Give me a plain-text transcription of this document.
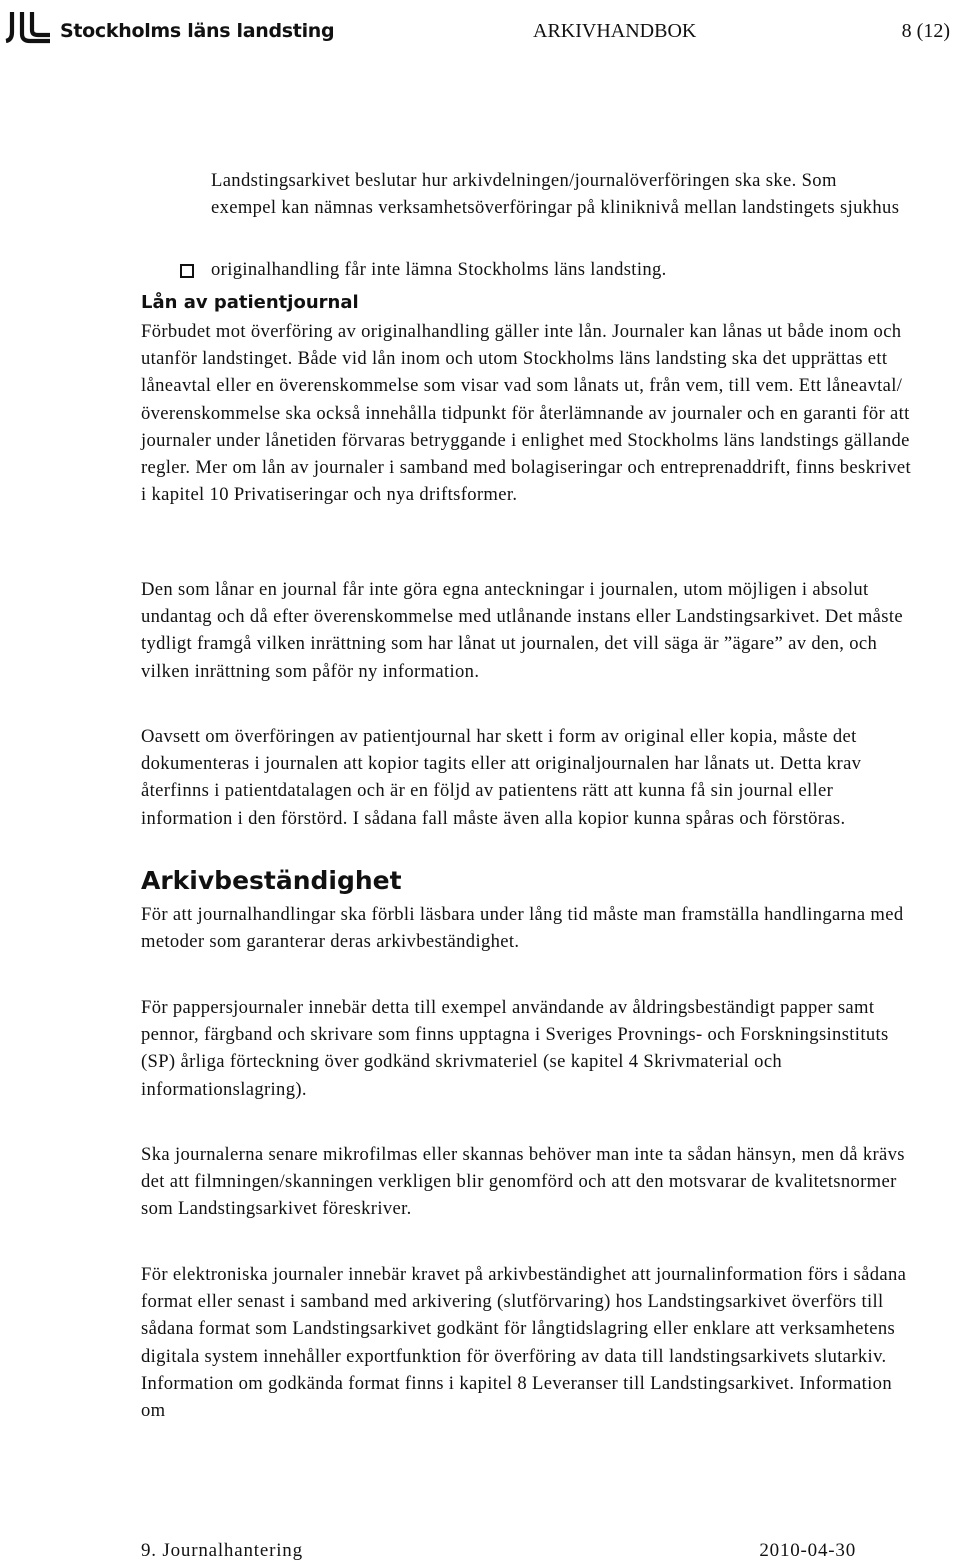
Stockholms läns landsting	ARKIVHANDBOK	8 (12)

Landstingsarkivet beslutar hur arkivdelningen/journalöverföringen ska ske. Som exempel kan nämnas verksamhetsöverföringar på kliniknivå mellan landstingets sjukhus

originalhandling får inte lämna Stockholms läns landsting.
Lån av patientjournal

Förbudet mot överföring av originalhandling gäller inte lån. Journaler kan lånas ut både inom och utanför landstinget. Både vid lån inom och utom Stockholms läns landsting ska det upprättas ett låneavtal eller en överenskommelse som visar vad som lånats ut, från vem, till vem. Ett låneavtal/överenskommelse ska också innehålla tidpunkt för återlämnande av journaler och en garanti för att journaler under lånetiden förvaras betryggande i enlighet med Stockholms läns landstings gällande regler. Mer om lån av journaler i samband med bolagiseringar och entreprenaddrift, finns beskrivet i kapitel 10 Privatiseringar och nya driftsformer.

Den som lånar en journal får inte göra egna anteckningar i journalen, utom möjligen i absolut undantag och då efter överenskommelse med utlånande instans eller Landstingsarkivet. Det måste tydligt framgå vilken inrättning som har lånat ut journalen, det vill säga är ”ägare” av den, och vilken inrättning som påför ny information.

Oavsett om överföringen av patientjournal har skett i form av original eller kopia, måste det dokumenteras i journalen att kopior tagits eller att originaljournalen har lånats ut. Detta krav återfinns i patientdatalagen och är en följd av patientens rätt att kunna få sin journal eller information i den förstörd. I sådana fall måste även alla kopior kunna spåras och förstöras.

Arkivbeständighet

För att journalhandlingar ska förbli läsbara under lång tid måste man framställa handlingarna med metoder som garanterar deras arkivbeständighet.

För pappersjournaler innebär detta till exempel användande av åldringsbeständigt papper samt pennor, färgband och skrivare som finns upptagna i Sveriges Provnings- och Forskningsinstituts (SP) årliga förteckning över godkänd skrivmateriel (se kapitel 4 Skrivmaterial och informationslagring).

Ska journalerna senare mikrofilmas eller skannas behöver man inte ta sådan hänsyn, men då krävs det att filmningen/skanningen verkligen blir genomförd och att den motsvarar de kvalitetsnormer som Landstingsarkivet föreskriver.

För elektroniska journaler innebär kravet på arkivbeständighet att journalinformation förs i sådana format eller senast i samband med arkivering (slutförvaring) hos Landstingsarkivet överförs till sådana format som Landstingsarkivet godkänt för långtidslagring eller enklare att verksamhetens digitala system innehåller exportfunktion för överföring av data till landstingsarkivets slutarkiv. Information om godkända format finns i kapitel 8 Leveranser till Landstingsarkivet. Information om

9. Journalhantering	2010-04-30
